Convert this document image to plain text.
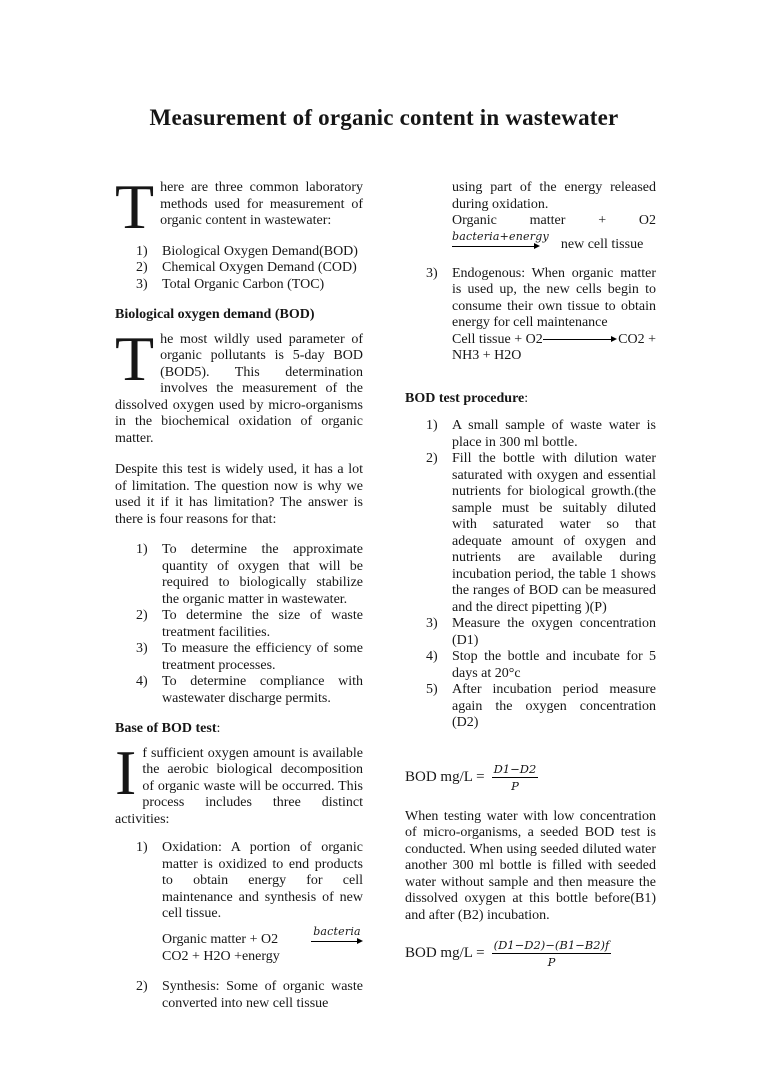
Measurement of organic content in wastewater

There are three common laboratory methods used for measurement of organic content in wastewater:

1) Biological Oxygen Demand(BOD)
2) Chemical Oxygen Demand (COD)
3) Total Organic Carbon (TOC)

Biological oxygen demand (BOD)

The most wildly used parameter of organic pollutants is 5-day BOD (BOD5). This determination involves the measurement of the dissolved oxygen used by micro-organisms in the biochemical oxidation of organic matter.

Despite this test is widely used, it has a lot of limitation. The question now is why we used it if it has limitation? The answer is there is four reasons for that:

1) To determine the approximate quantity of oxygen that will be required to biologically stabilize the organic matter in wastewater.
2) To determine the size of waste treatment facilities.
3) To measure the efficiency of some treatment processes.
4) To determine compliance with wastewater discharge permits.

Base of BOD test:

If sufficient oxygen amount is available the aerobic biological decomposition of organic waste will be occurred. This process includes three distinct activities:

1) Oxidation: A portion of organic matter is oxidized to end products to obtain energy for cell maintenance and synthesis of new cell tissue.
Organic matter + O2
bacteria

CO2 + H2O +energy

2) Synthesis: Some of organic waste converted into new cell tissue

using part of the energy released during oxidation.

Organic matter + O2

bacteria+energy
new cell tissue
3) Endogenous: When organic matter is used up, the new cells begin to consume their own tissue to obtain energy for cell maintenance
Cell tissue + O2	CO2 +

NH3 + H2O

BOD test procedure:

1) A small sample of waste water is place in 300 ml bottle.
2) Fill the bottle with dilution water saturated with oxygen and essential nutrients for biological growth.(the sample must be suitably diluted with saturated water so that adequate amount of oxygen and nutrients are available during incubation period, the table 1 shows the ranges of BOD can be measured and the direct pipetting )(P)
3) Measure the oxygen concentration (D1)
4) Stop the bottle and incubate for 5 days at 20°c
5) After incubation period measure again the oxygen concentration (D2)
BOD $mg/L = \frac{D1-D2}{P}$

When testing water with low concentration of micro-organisms, a seeded BOD test is conducted. When using seeded diluted water another 300 ml bottle is filled with seeded water without sample and then measure the dissolved oxygen at this bottle before(B1) and after (B2) incubation.

BOD $mg/L = \frac{(D1-D2)-(B1-B2)f}{P}$
